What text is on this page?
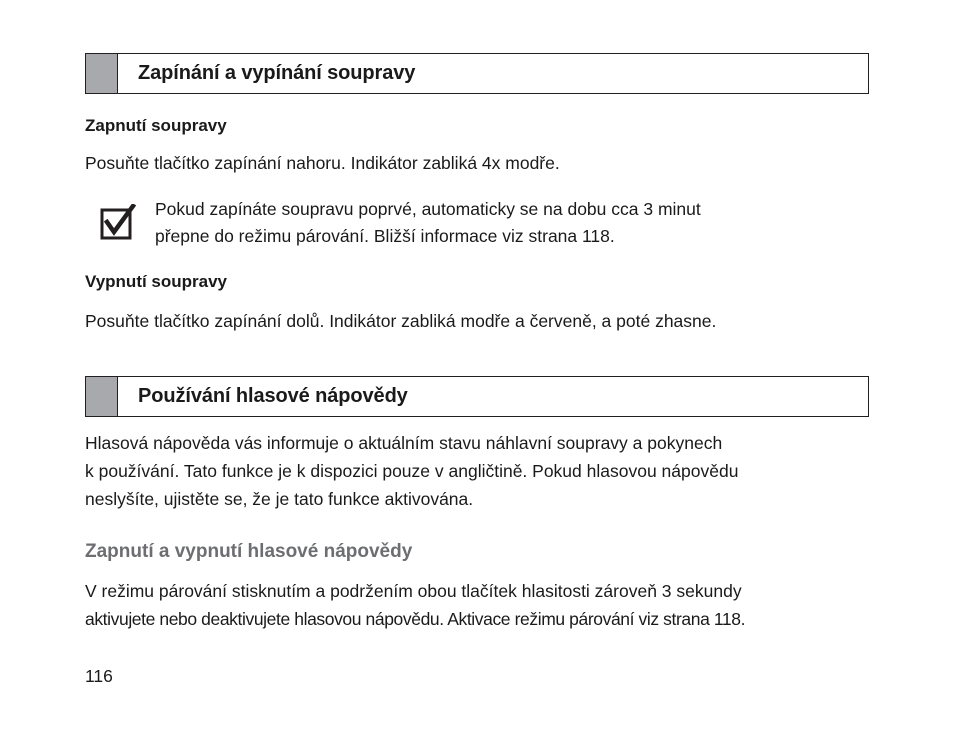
Zapínání a vypínání soupravy
Zapnutí soupravy
Posuňte tlačítko zapínání nahoru. Indikátor zabliká 4x modře.
Pokud zapínáte soupravu poprvé, automaticky se na dobu cca 3 minut
přepne do režimu párování. Bližší informace viz strana 118.
Vypnutí soupravy
Posuňte tlačítko zapínání dolů. Indikátor zabliká modře a červeně, a poté zhasne.
Používání hlasové nápovědy
Hlasová nápověda vás informuje o aktuálním stavu náhlavní soupravy a pokynech
k používání. Tato funkce je k dispozici pouze v angličtině. Pokud hlasovou nápovědu
neslyšíte, ujistěte se, že je tato funkce aktivována.
Zapnutí a vypnutí hlasové nápovědy
V režimu párování stisknutím a podržením obou tlačítek hlasitosti zároveň 3 sekundy
aktivujete nebo deaktivujete hlasovou nápovědu. Aktivace režimu párování viz strana 118.
116
